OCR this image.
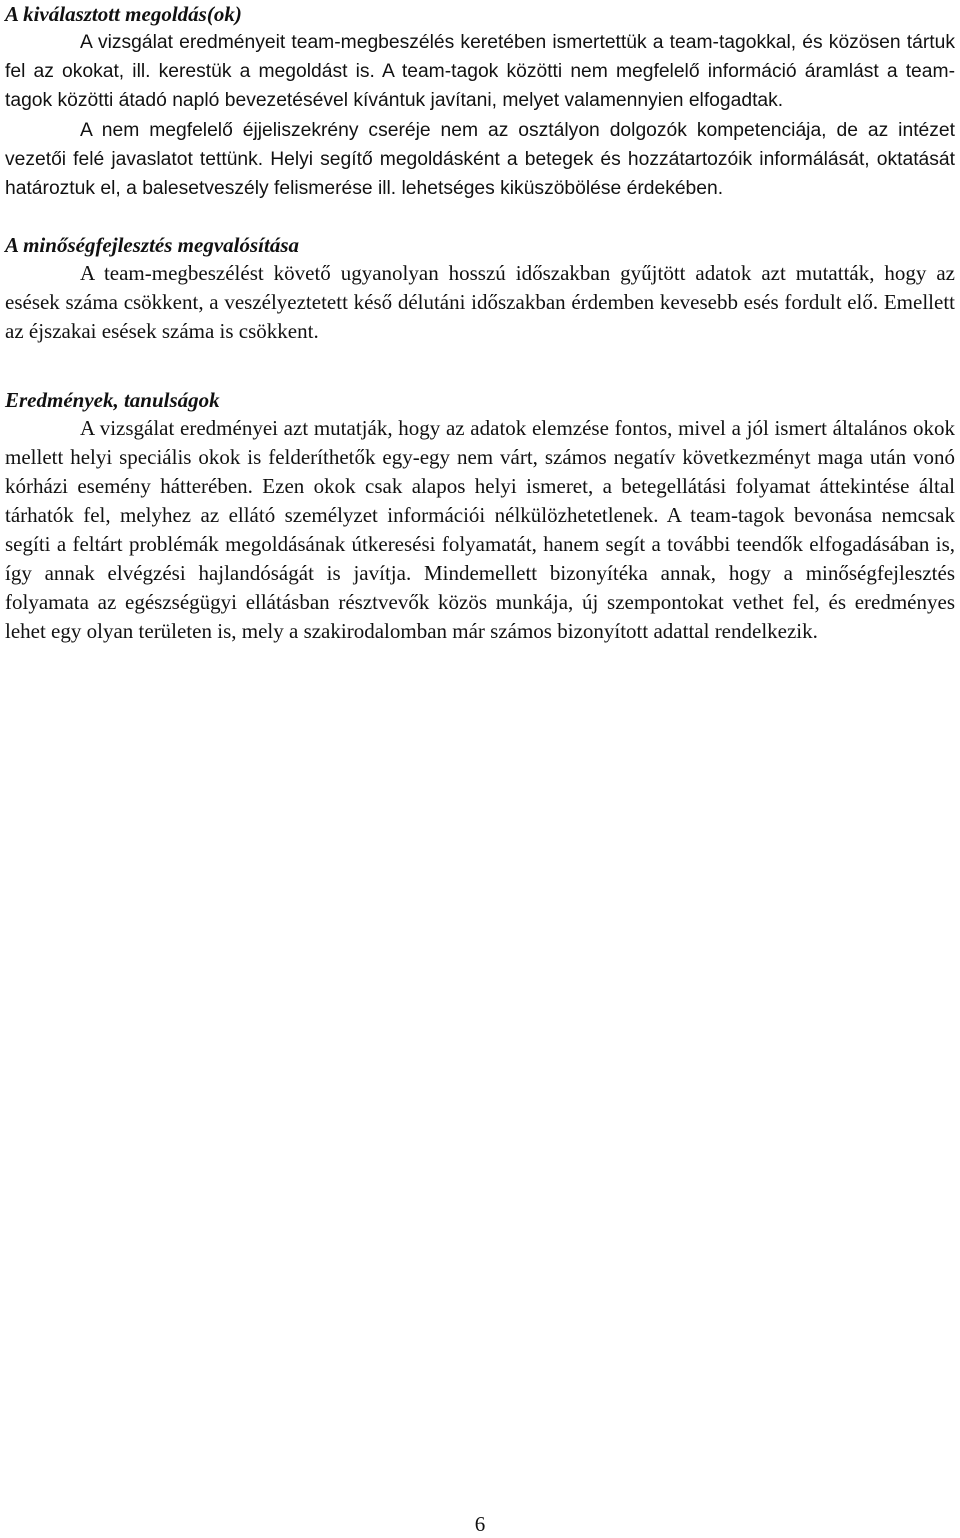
A kiválasztott megoldás(ok)

A vizsgálat eredményeit team-megbeszélés keretében ismertettük a team-tagokkal, és közösen tártuk fel az okokat, ill. kerestük a megoldást is. A team-tagok közötti nem megfelelő információ áramlást a team-tagok közötti átadó napló bevezetésével kívántuk javítani, melyet valamennyien elfogadtak.

A nem megfelelő éjjeliszekrény cseréje nem az osztályon dolgozók kompetenciája, de az intézet vezetői felé javaslatot tettünk. Helyi segítő megoldásként a betegek és hozzátartozóik informálását, oktatását határoztuk el, a balesetveszély felismerése ill. lehetséges kiküszöbölése érdekében.

A minőségfejlesztés megvalósítása

A team-megbeszélést követő ugyanolyan hosszú időszakban gyűjtött adatok azt mutatták, hogy az esések száma csökkent, a veszélyeztetett késő délutáni időszakban érdemben kevesebb esés fordult elő. Emellett az éjszakai esések száma is csökkent.

Eredmények, tanulságok

A vizsgálat eredményei azt mutatják, hogy az adatok elemzése fontos, mivel a jól ismert általános okok mellett helyi speciális okok is felderíthetők egy-egy nem várt, számos negatív következményt maga után vonó kórházi esemény hátterében. Ezen okok csak alapos helyi ismeret, a betegellátási folyamat áttekintése által tárhatók fel, melyhez az ellátó személyzet információi nélkülözhetetlenek. A team-tagok bevonása nemcsak segíti a feltárt problémák megoldásának útkeresési folyamatát, hanem segít a további teendők elfogadásában is, így annak elvégzési hajlandóságát is javítja. Mindemellett bizonyítéka annak, hogy a minőségfejlesztés folyamata az egészségügyi ellátásban résztvevők közös munkája, új szempontokat vethet fel, és eredményes lehet egy olyan területen is, mely a szakirodalomban már számos bizonyított adattal rendelkezik.

6
